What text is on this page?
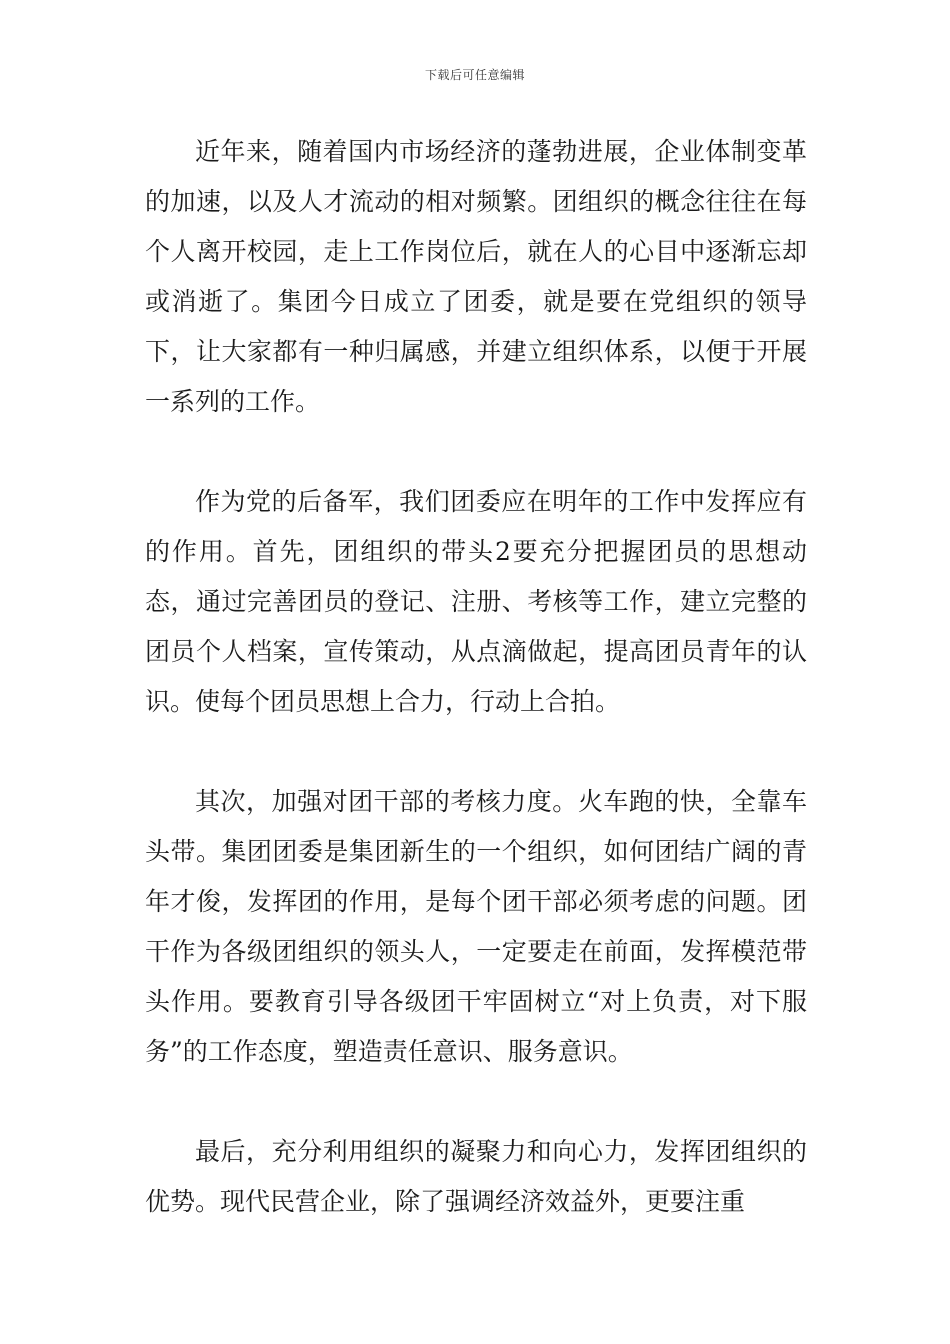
下载后可任意编辑

近年来，随着国内市场经济的蓬勃进展，企业体制变革的加速，以及人才流动的相对频繁。团组织的概念往往在每个人离开校园，走上工作岗位后，就在人的心目中逐渐忘却或消逝了。集团今日成立了团委，就是要在党组织的领导下，让大家都有一种归属感，并建立组织体系，以便于开展一系列的工作。

作为党的后备军，我们团委应在明年的工作中发挥应有的作用。首先，团组织的带头2要充分把握团员的思想动态，通过完善团员的登记、注册、考核等工作，建立完整的团员个人档案，宣传策动，从点滴做起，提高团员青年的认识。使每个团员思想上合力，行动上合拍。

其次，加强对团干部的考核力度。火车跑的快，全靠车头带。集团团委是集团新生的一个组织，如何团结广阔的青年才俊，发挥团的作用，是每个团干部必须考虑的问题。团干作为各级团组织的领头人，一定要走在前面，发挥模范带头作用。要教育引导各级团干牢固树立“对上负责，对下服务”的工作态度，塑造责任意识、服务意识。

最后，充分利用组织的凝聚力和向心力，发挥团组织的优势。现代民营企业，除了强调经济效益外，更要注重
